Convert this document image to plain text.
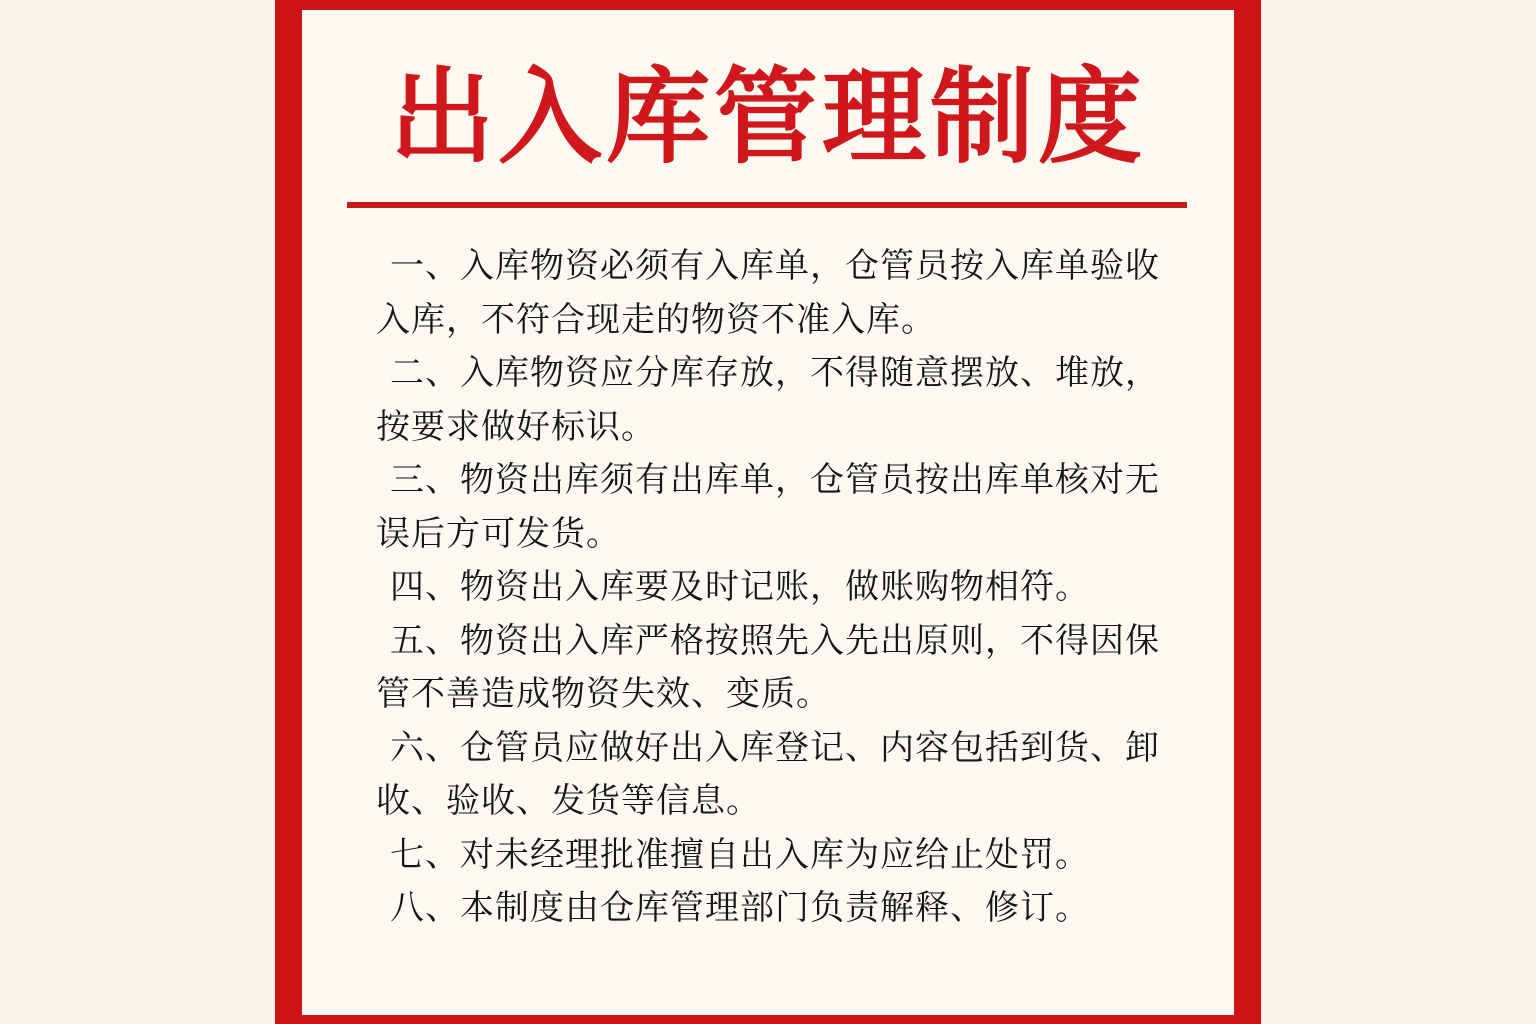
出入库管理制度
一、入库物资必须有入库单，仓管员按入库单验收入库，不符合现走的物资不准入库。
二、入库物资应分库存放，不得随意摆放、堆放，按要求做好标识。
三、物资出库须有出库单，仓管员按出库单核对无误后方可发货。
四、物资出入库要及时记账，做账购物相符。
五、物资出入库严格按照先入先出原则，不得因保管不善造成物资失效、变质。
六、仓管员应做好出入库登记、内容包括到货、卸收、验收、发货等信息。
七、对未经理批准擅自出入库为应给止处罚。
八、本制度由仓库管理部门负责解释、修订。
